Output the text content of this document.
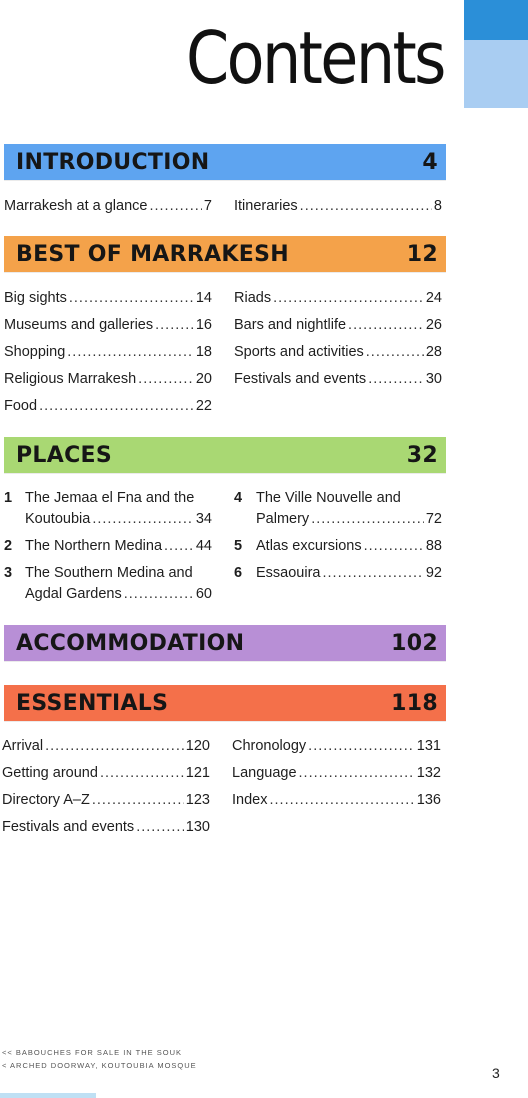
Contents
INTRODUCTION	4
Marrakesh at a glance .....	7 Itineraries .....	8
BEST OF MARRAKESH	12
Big sights .....	14
Museums and galleries .....	16
Shopping .....	18
Religious Marrakesh .....	20
Food .....	22
Riads .....	24
Bars and nightlife .....	26
Sports and activities .....	28
Festivals and events .....	30
PLACES	32
1 The Jemaa el Fna and the
Koutoubia .....	34
2 The Northern Medina ..... 44
3 The Southern Medina and
Agdal Gardens .....	60
4 The Ville Nouvelle and
Palmery .....	72
5 Atlas excursions .....	88
6 Essaouira .....	92
ACCOMMODATION	102
ESSENTIALS	118
Arrival .....	120
Getting around .....	121
Directory A–Z .....	123
Festivals and events .....	130
Chronology .....	131
Language .....	132
Index .....	136
<< BABOUCHES FOR SALE IN THE SOUK
< ARCHED DOORWAY, KOUTOUBIA MOSQUE	3
